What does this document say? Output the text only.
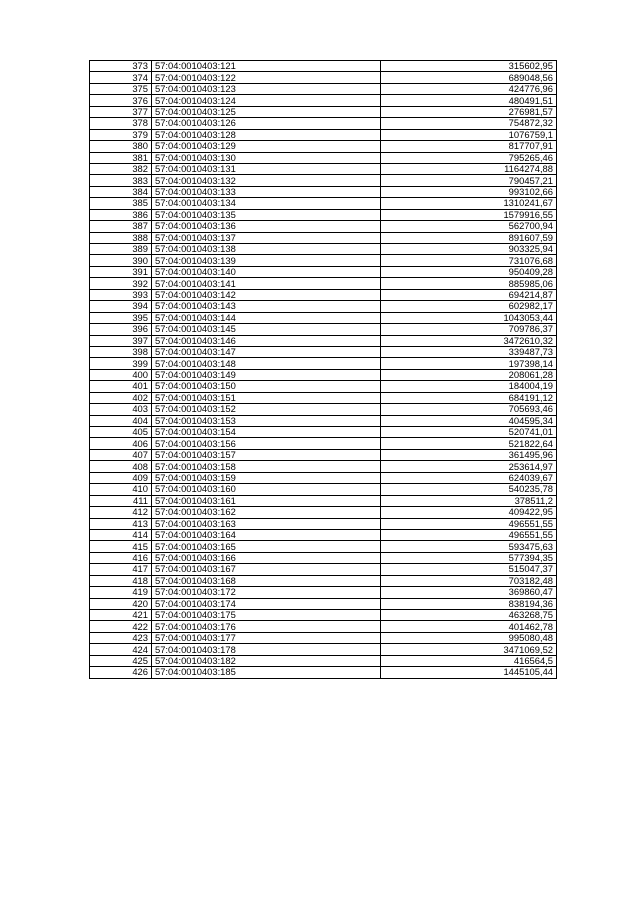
373	57:04:0010403:121	315602,95
374	57:04:0010403:122	689048,56
375	57:04:0010403:123	424776,96
376	57:04:0010403:124	480491,51
377	57:04:0010403:125	276981,57
378	57:04:0010403:126	754872,32
379	57:04:0010403:128	1076759,1
380	57:04:0010403:129	817707,91
381	57:04:0010403:130	795265,46
382	57:04:0010403:131	1164274,88
383	57:04:0010403:132	790457,21
384	57:04:0010403:133	993102,66
385	57:04:0010403:134	1310241,67
386	57:04:0010403:135	1579916,55
387	57:04:0010403:136	562700,94
388	57:04:0010403:137	891607,59
389	57:04:0010403:138	903325,94
390	57:04:0010403:139	731076,68
391	57:04:0010403:140	950409,28
392	57:04:0010403:141	885985,06
393	57:04:0010403:142	694214,87
394	57:04:0010403:143	602982,17
395	57:04:0010403:144	1043053,44
396	57:04:0010403:145	709786,37
397	57:04:0010403:146	3472610,32
398	57:04:0010403:147	339487,73
399	57:04:0010403:148	197398,14
400	57:04:0010403:149	208061,28
401	57:04:0010403:150	184004,19
402	57:04:0010403:151	684191,12
403	57:04:0010403:152	705693,46
404	57:04:0010403:153	404595,34
405	57:04:0010403:154	520741,01
406	57:04:0010403:156	521822,64
407	57:04:0010403:157	361495,96
408	57:04:0010403:158	253614,97
409	57:04:0010403:159	624039,67
410	57:04:0010403:160	540235,78
411	57:04:0010403:161	378511,2
412	57:04:0010403:162	409422,95
413	57:04:0010403:163	496551,55
414	57:04:0010403:164	496551,55
415	57:04:0010403:165	593475,63
416	57:04:0010403:166	577394,35
417	57:04:0010403:167	515047,37
418	57:04:0010403:168	703182,48
419	57:04:0010403:172	369860,47
420	57:04:0010403:174	838194,36
421	57:04:0010403:175	463268,75
422	57:04:0010403:176	401462,78
423	57:04:0010403:177	995080,48
424	57:04:0010403:178	3471069,52
425	57:04:0010403:182	416564,5
426	57:04:0010403:185	1445105,44
